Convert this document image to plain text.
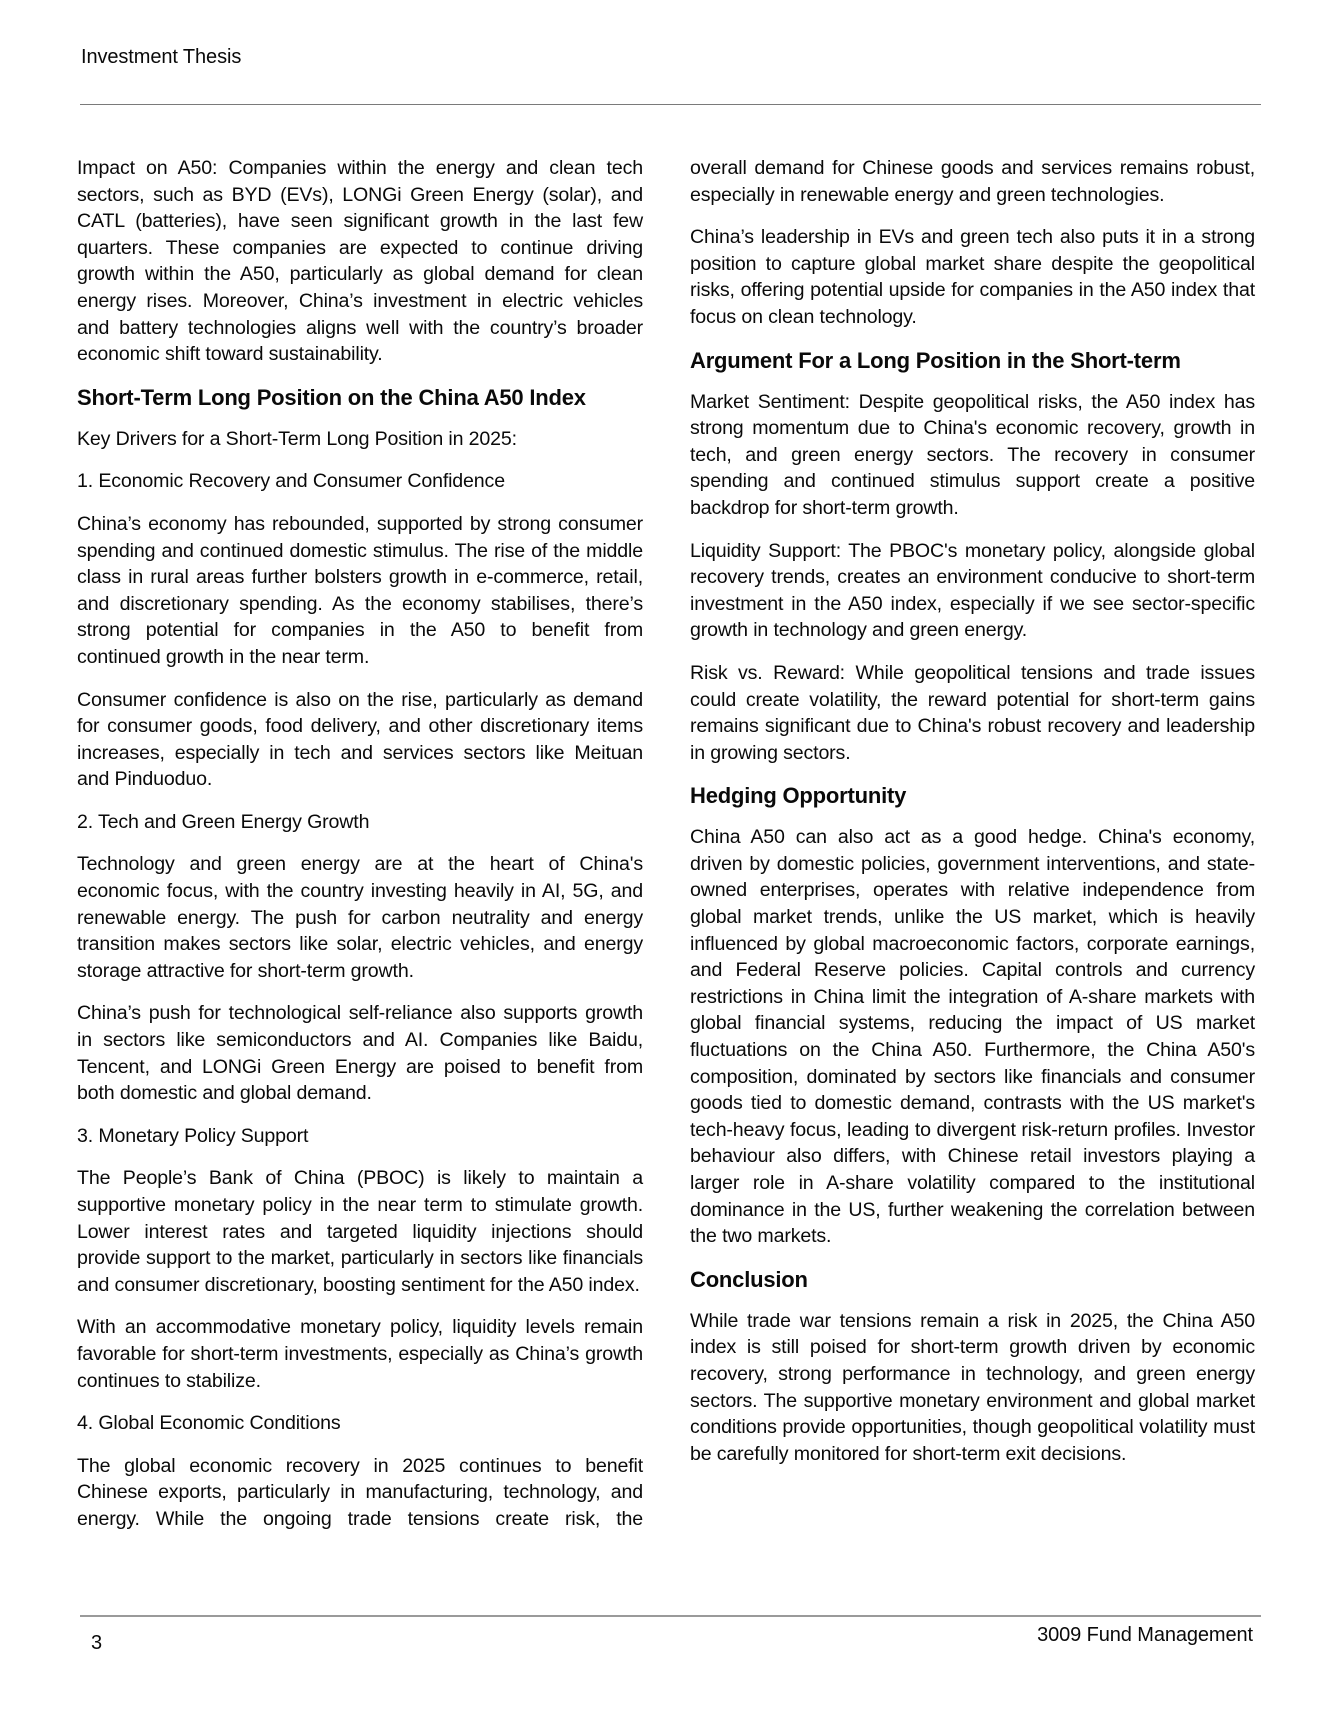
Investment Thesis

Impact on A50: Companies within the energy and clean tech sectors, such as BYD (EVs), LONGi Green Energy (solar), and CATL (batteries), have seen significant growth in the last few quarters. These companies are expected to continue driving growth within the A50, particularly as global demand for clean energy rises. Moreover, China’s investment in electric vehicles and battery technologies aligns well with the country’s broader economic shift toward sustainability.

Short-Term Long Position on the China A50 Index

Key Drivers for a Short-Term Long Position in 2025:

1. Economic Recovery and Consumer Confidence

China’s economy has rebounded, supported by strong consumer spending and continued domestic stimulus. The rise of the middle class in rural areas further bolsters growth in e-commerce, retail, and discretionary spending. As the economy stabilises, there’s strong potential for companies in the A50 to benefit from continued growth in the near term.

Consumer confidence is also on the rise, particularly as demand for consumer goods, food delivery, and other discretionary items increases, especially in tech and services sectors like Meituan and Pinduoduo.

2. Tech and Green Energy Growth

Technology and green energy are at the heart of China's economic focus, with the country investing heavily in AI, 5G, and renewable energy. The push for carbon neutrality and energy transition makes sectors like solar, electric vehicles, and energy storage attractive for short-term growth.

China’s push for technological self-reliance also supports growth in sectors like semiconductors and AI. Companies like Baidu, Tencent, and LONGi Green Energy are poised to benefit from both domestic and global demand.

3. Monetary Policy Support

The People’s Bank of China (PBOC) is likely to maintain a supportive monetary policy in the near term to stimulate growth. Lower interest rates and targeted liquidity injections should provide support to the market, particularly in sectors like financials and consumer discretionary, boosting sentiment for the A50 index.

With an accommodative monetary policy, liquidity levels remain favorable for short-term investments, especially as China’s growth continues to stabilize.

4. Global Economic Conditions

The global economic recovery in 2025 continues to benefit Chinese exports, particularly in manufacturing, technology, and energy. While the ongoing trade tensions create risk, the

overall demand for Chinese goods and services remains robust, especially in renewable energy and green technologies.

China’s leadership in EVs and green tech also puts it in a strong position to capture global market share despite the geopolitical risks, offering potential upside for companies in the A50 index that focus on clean technology.

Argument For a Long Position in the Short-term

Market Sentiment: Despite geopolitical risks, the A50 index has strong momentum due to China's economic recovery, growth in tech, and green energy sectors. The recovery in consumer spending and continued stimulus support create a positive backdrop for short-term growth.

Liquidity Support: The PBOC's monetary policy, alongside global recovery trends, creates an environment conducive to short-term investment in the A50 index, especially if we see sector-specific growth in technology and green energy.

Risk vs. Reward: While geopolitical tensions and trade issues could create volatility, the reward potential for short-term gains remains significant due to China's robust recovery and leadership in growing sectors.

Hedging Opportunity

China A50 can also act as a good hedge. China's economy, driven by domestic policies, government interventions, and state-owned enterprises, operates with relative independence from global market trends, unlike the US market, which is heavily influenced by global macroeconomic factors, corporate earnings, and Federal Reserve policies. Capital controls and currency restrictions in China limit the integration of A-share markets with global financial systems, reducing the impact of US market fluctuations on the China A50. Furthermore, the China A50's composition, dominated by sectors like financials and consumer goods tied to domestic demand, contrasts with the US market's tech-heavy focus, leading to divergent risk-return profiles. Investor behaviour also differs, with Chinese retail investors playing a larger role in A-share volatility compared to the institutional dominance in the US, further weakening the correlation between the two markets.

Conclusion

While trade war tensions remain a risk in 2025, the China A50 index is still poised for short-term growth driven by economic recovery, strong performance in technology, and green energy sectors. The supportive monetary environment and global market conditions provide opportunities, though geopolitical volatility must be carefully monitored for short-term exit decisions.

3	3009 Fund Management
